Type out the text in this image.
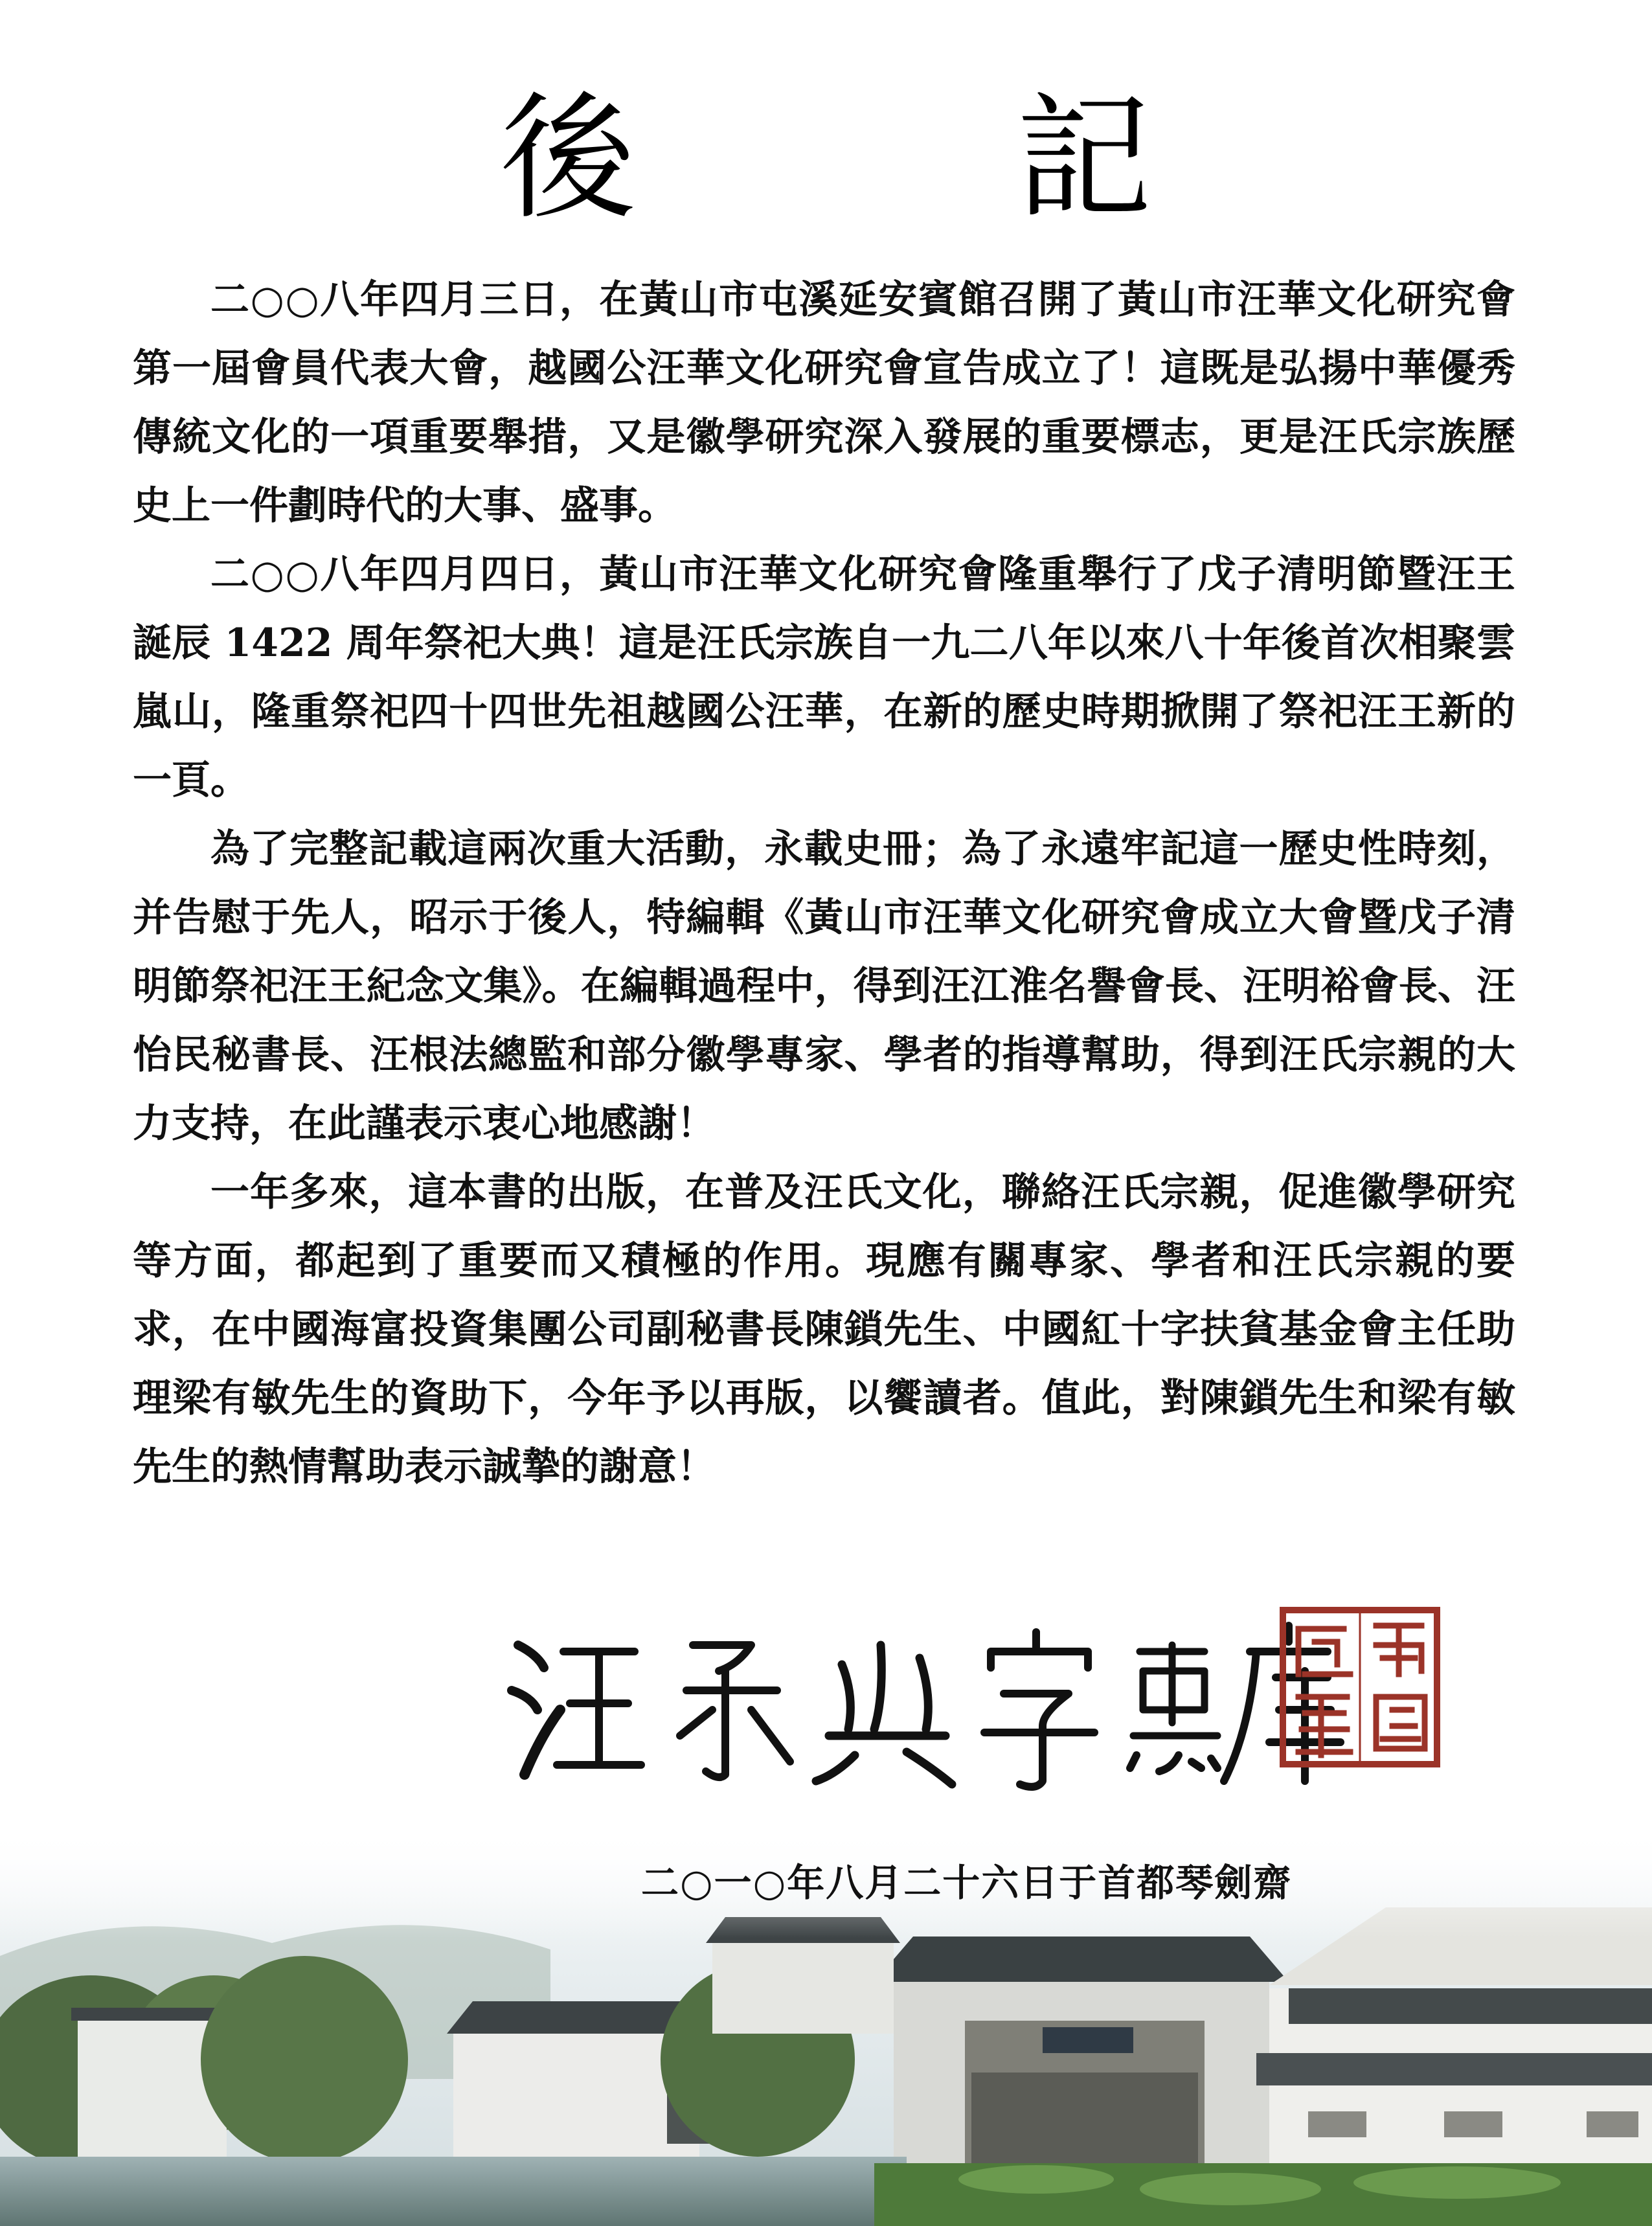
後 記

二○○八年四月三日，在黃山市屯溪延安賓館召開了黃山市汪華文化研究會第一屆會員代表大會，越國公汪華文化研究會宣告成立了！這既是弘揚中華優秀傳統文化的一項重要舉措，又是徽學研究深入發展的重要標志，更是汪氏宗族歷史上一件劃時代的大事、盛事。

二○○八年四月四日，黃山市汪華文化研究會隆重舉行了戊子清明節暨汪王誕辰 1422 周年祭祀大典！這是汪氏宗族自一九二八年以來八十年後首次相聚雲嵐山，隆重祭祀四十四世先祖越國公汪華，在新的歷史時期掀開了祭祀汪王新的一頁。

為了完整記載這兩次重大活動，永載史冊；為了永遠牢記這一歷史性時刻，并告慰于先人，昭示于後人，特編輯《黃山市汪華文化研究會成立大會暨戊子清明節祭祀汪王紀念文集》。在編輯過程中，得到汪江淮名譽會長、汪明裕會長、汪怡民秘書長、汪根法總監和部分徽學專家、學者的指導幫助，得到汪氏宗親的大力支持，在此謹表示衷心地感謝！

一年多來，這本書的出版，在普及汪氏文化，聯絡汪氏宗親，促進徽學研究等方面，都起到了重要而又積極的作用。現應有關專家、學者和汪氏宗親的要求，在中國海富投資集團公司副秘書長陳鎖先生、中國紅十字扶貧基金會主任助理梁有敏先生的資助下，今年予以再版，以饗讀者。值此，對陳鎖先生和梁有敏先生的熱情幫助表示誠摯的謝意！

二○一○年八月二十六日于首都琴劍齋
